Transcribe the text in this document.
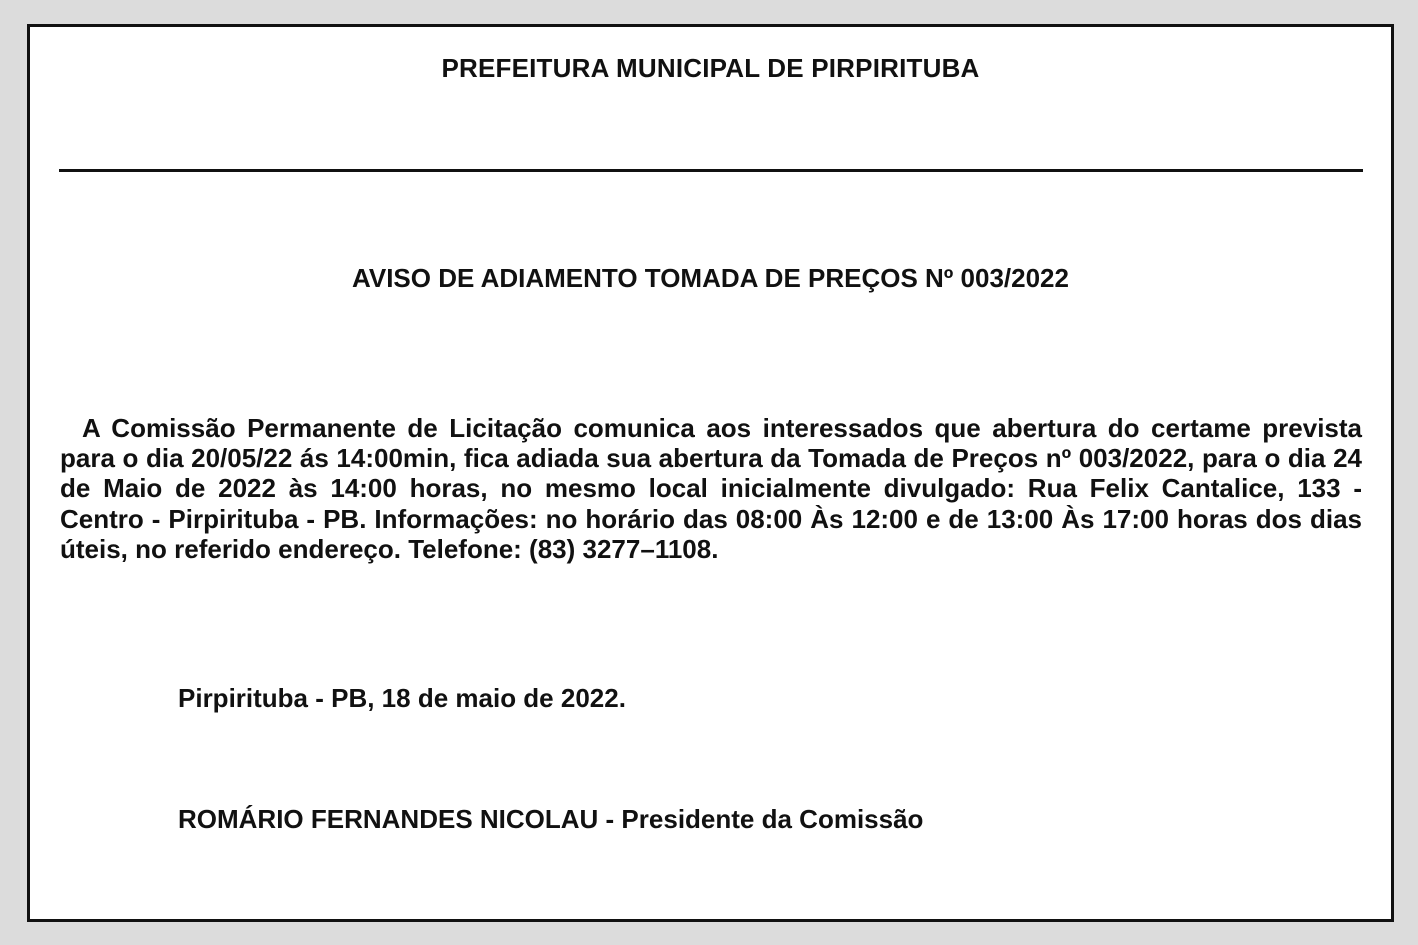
PREFEITURA MUNICIPAL DE PIRPIRITUBA
AVISO DE ADIAMENTO TOMADA DE PREÇOS Nº 003/2022

A Comissão Permanente de Licitação comunica aos interessados que abertura do certame prevista para o dia 20/05/22 ás 14:00min, fica adiada sua abertura da Tomada de Preços nº 003/2022, para o dia 24 de Maio de 2022 às 14:00 horas, no mesmo local inicialmente divulgado: Rua Felix Cantalice, 133 - Centro - Pirpirituba - PB. Informações: no horário das 08:00 Às 12:00 e de 13:00 Às 17:00 horas dos dias úteis, no referido endereço. Telefone: (83) 3277–1108.

Pirpirituba - PB, 18 de maio de 2022.

ROMÁRIO FERNANDES NICOLAU - Presidente da Comissão
